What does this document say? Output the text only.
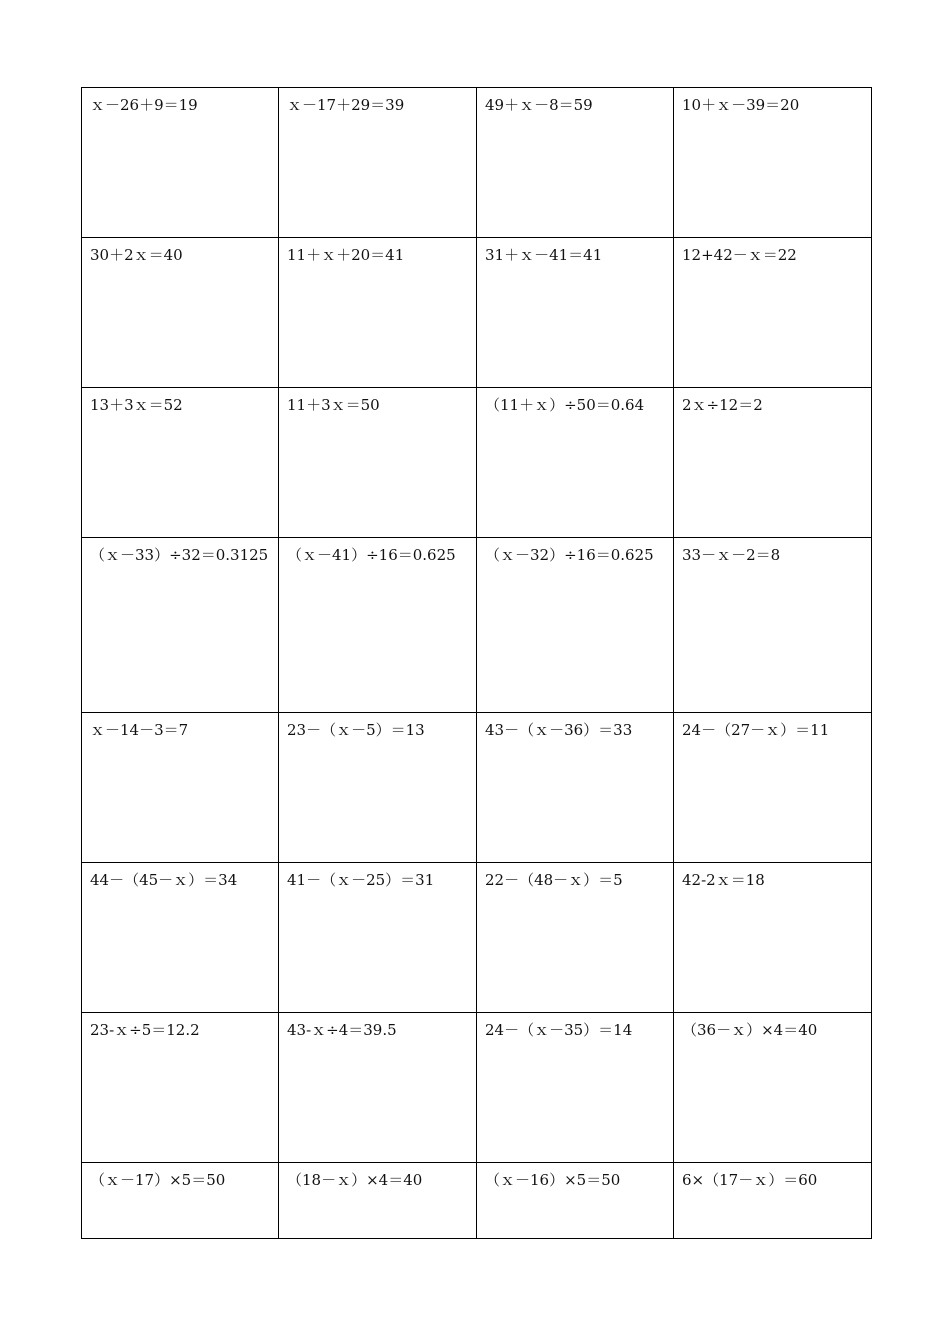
ｘ－26＋9＝19	ｘ－17＋29＝39	49＋ｘ－8＝59	10＋ｘ－39＝20
30＋2ｘ＝40	11＋ｘ＋20＝41	31＋ｘ－41＝41	12+42－ｘ＝22
13＋3ｘ＝52	11＋3ｘ＝50	（11＋ｘ）÷50＝0.64	2ｘ÷12＝2
（ｘ－33）÷32＝0.3125	（ｘ－41）÷16＝0.625	（ｘ－32）÷16＝0.625	33－ｘ－2＝8
ｘ－14－3＝7	23－（ｘ－5）＝13	43－（ｘ－36）＝33	24－（27－ｘ）＝11
44－（45－ｘ）＝34	41－（ｘ－25）＝31	22－（48－ｘ）＝5	42-2ｘ＝18
23-ｘ÷5＝12.2	43-ｘ÷4＝39.5	24－（ｘ－35）＝14	（36－ｘ）×4＝40
（ｘ－17）×5＝50	（18－ｘ）×4＝40	（ｘ－16）×5＝50	6×（17－ｘ）＝60
